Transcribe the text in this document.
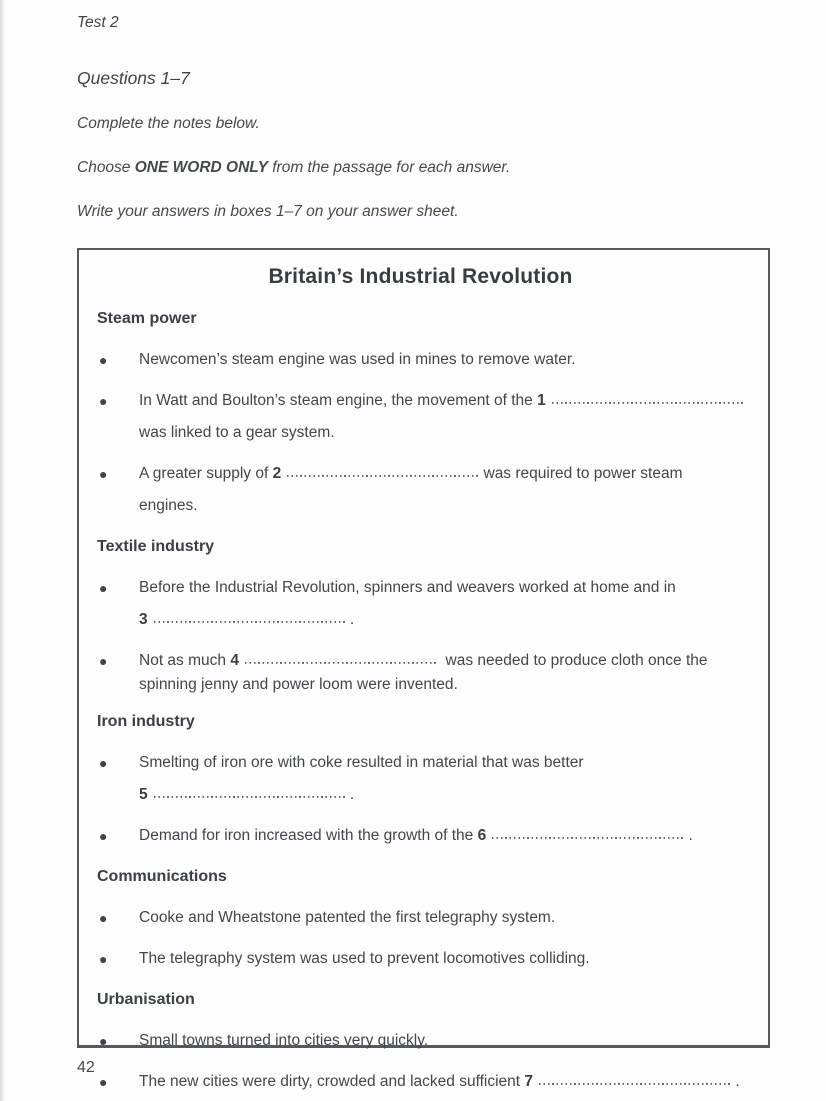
Test 2
Questions 1–7

Complete the notes below.

Choose ONE WORD ONLY from the passage for each answer.

Write your answers in boxes 1–7 on your answer sheet.

Britain’s Industrial Revolution
Steam power
●	Newcomen’s steam engine was used in mines to remove water.
●	In Watt and Boulton’s steam engine, the movement of the 1
was linked to a gear system.
●	A greater supply of 2	was required to power steam engines.
Textile industry
●	Before the Industrial Revolution, spinners and weavers worked at home and in
3	.
●	Not as much 4	was needed to produce cloth once the
spinning jenny and power loom were invented.
Iron industry
●	Smelting of iron ore with coke resulted in material that was better
5	.
●	Demand for iron increased with the growth of the 6	.
Communications
●	Cooke and Wheatstone patented the first telegraphy system.
●	The telegraphy system was used to prevent locomotives colliding.
Urbanisation
●	Small towns turned into cities very quickly.
●	The new cities were dirty, crowded and lacked sufficient 7	.
42
